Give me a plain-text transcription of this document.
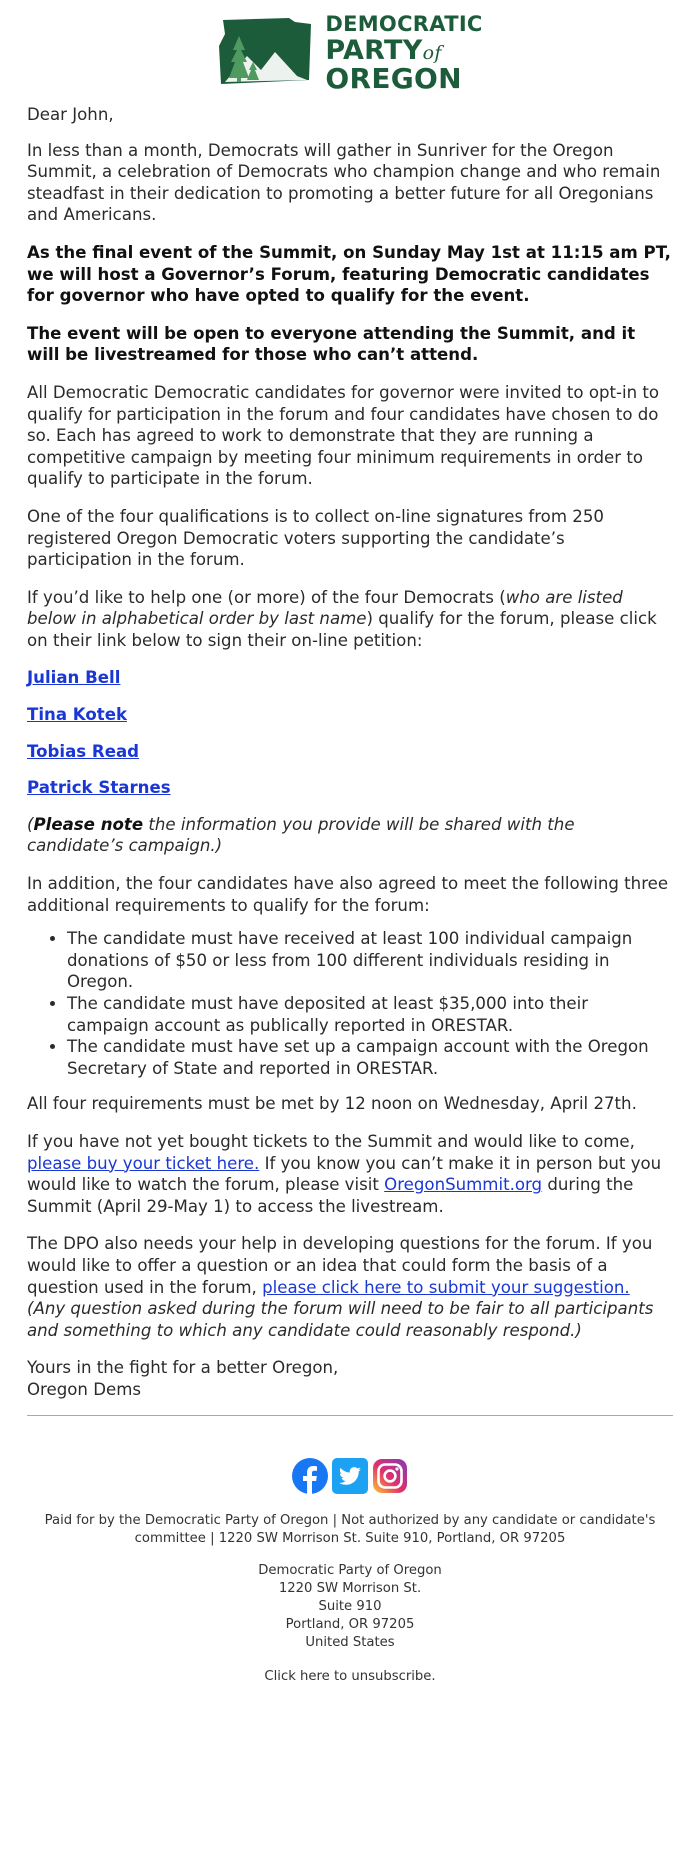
DEMOCRATIC
PARTYof
OREGON

Dear John,

In less than a month, Democrats will gather in Sunriver for the Oregon Summit, a celebration of Democrats who champion change and who remain steadfast in their dedication to promoting a better future for all Oregonians and Americans.

As the final event of the Summit, on Sunday May 1st at 11:15 am PT, we will host a Governor’s Forum, featuring Democratic candidates for governor who have opted to qualify for the event.

The event will be open to everyone attending the Summit, and it will be livestreamed for those who can’t attend.

All Democratic Democratic candidates for governor were invited to opt-in to qualify for participation in the forum and four candidates have chosen to do so. Each has agreed to work to demonstrate that they are running a competitive campaign by meeting four minimum requirements in order to qualify to participate in the forum.

One of the four qualifications is to collect on-line signatures from 250 registered Oregon Democratic voters supporting the candidate’s participation in the forum.

If you’d like to help one (or more) of the four Democrats (who are listed below in alphabetical order by last name) qualify for the forum, please click on their link below to sign their on-line petition:

Julian Bell

Tina Kotek

Tobias Read

Patrick Starnes

(Please note the information you provide will be shared with the candidate’s campaign.)

In addition, the four candidates have also agreed to meet the following three additional requirements to qualify for the forum:

• The candidate must have received at least 100 individual campaign donations of $50 or less from 100 different individuals residing in Oregon.
• The candidate must have deposited at least $35,000 into their campaign account as publically reported in ORESTAR.
• The candidate must have set up a campaign account with the Oregon Secretary of State and reported in ORESTAR.

All four requirements must be met by 12 noon on Wednesday, April 27th.

If you have not yet bought tickets to the Summit and would like to come, please buy your ticket here. If you know you can’t make it in person but you would like to watch the forum, please visit OregonSummit.org during the Summit (April 29-May 1) to access the livestream.

The DPO also needs your help in developing questions for the forum. If you would like to offer a question or an idea that could form the basis of a question used in the forum, please click here to submit your suggestion. (Any question asked during the forum will need to be fair to all participants and something to which any candidate could reasonably respond.)

Yours in the fight for a better Oregon,
Oregon Dems

Paid for by the Democratic Party of Oregon | Not authorized by any candidate or candidate's committee | 1220 SW Morrison St. Suite 910, Portland, OR 97205

Democratic Party of Oregon
1220 SW Morrison St.
Suite 910
Portland, OR 97205
United States
Click here to unsubscribe.
